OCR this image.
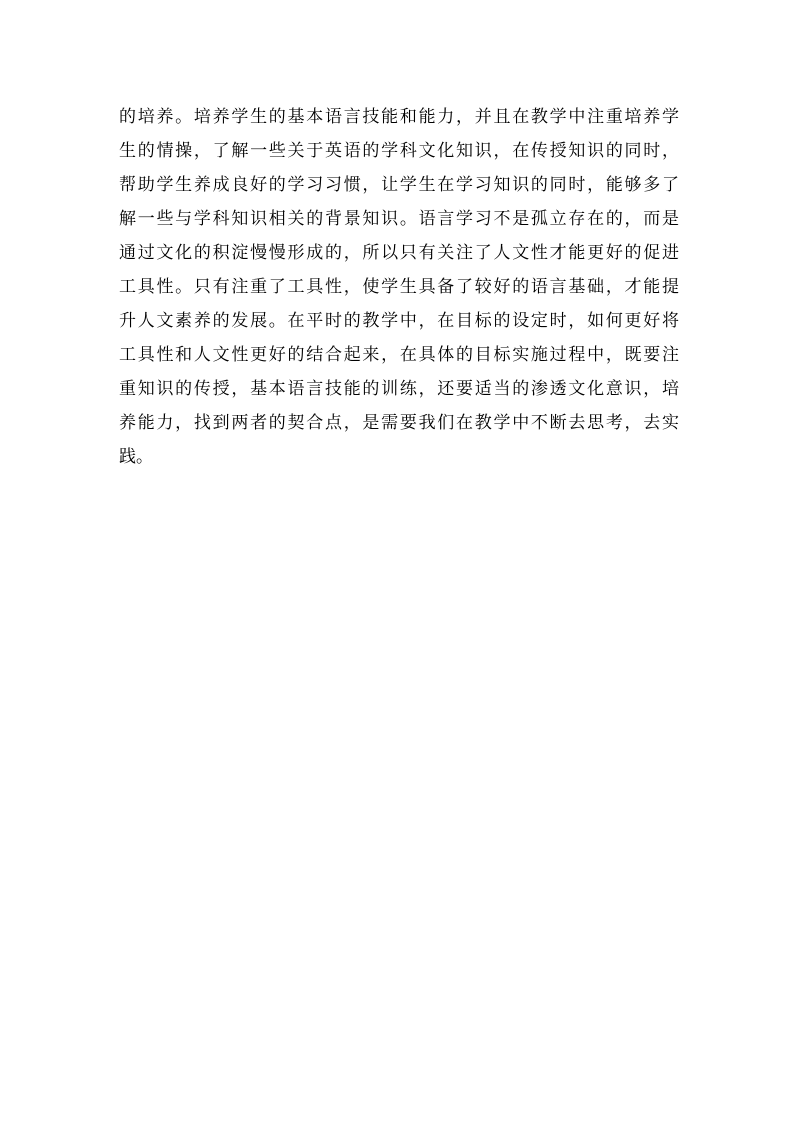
的培养。培养学生的基本语言技能和能力，并且在教学中注重培养学
生的情操，了解一些关于英语的学科文化知识，在传授知识的同时，
帮助学生养成良好的学习习惯，让学生在学习知识的同时，能够多了
解一些与学科知识相关的背景知识。语言学习不是孤立存在的，而是
通过文化的积淀慢慢形成的，所以只有关注了人文性才能更好的促进
工具性。只有注重了工具性，使学生具备了较好的语言基础，才能提
升人文素养的发展。在平时的教学中，在目标的设定时，如何更好将
工具性和人文性更好的结合起来，在具体的目标实施过程中，既要注
重知识的传授，基本语言技能的训练，还要适当的渗透文化意识，培
养能力，找到两者的契合点，是需要我们在教学中不断去思考，去实
践。
